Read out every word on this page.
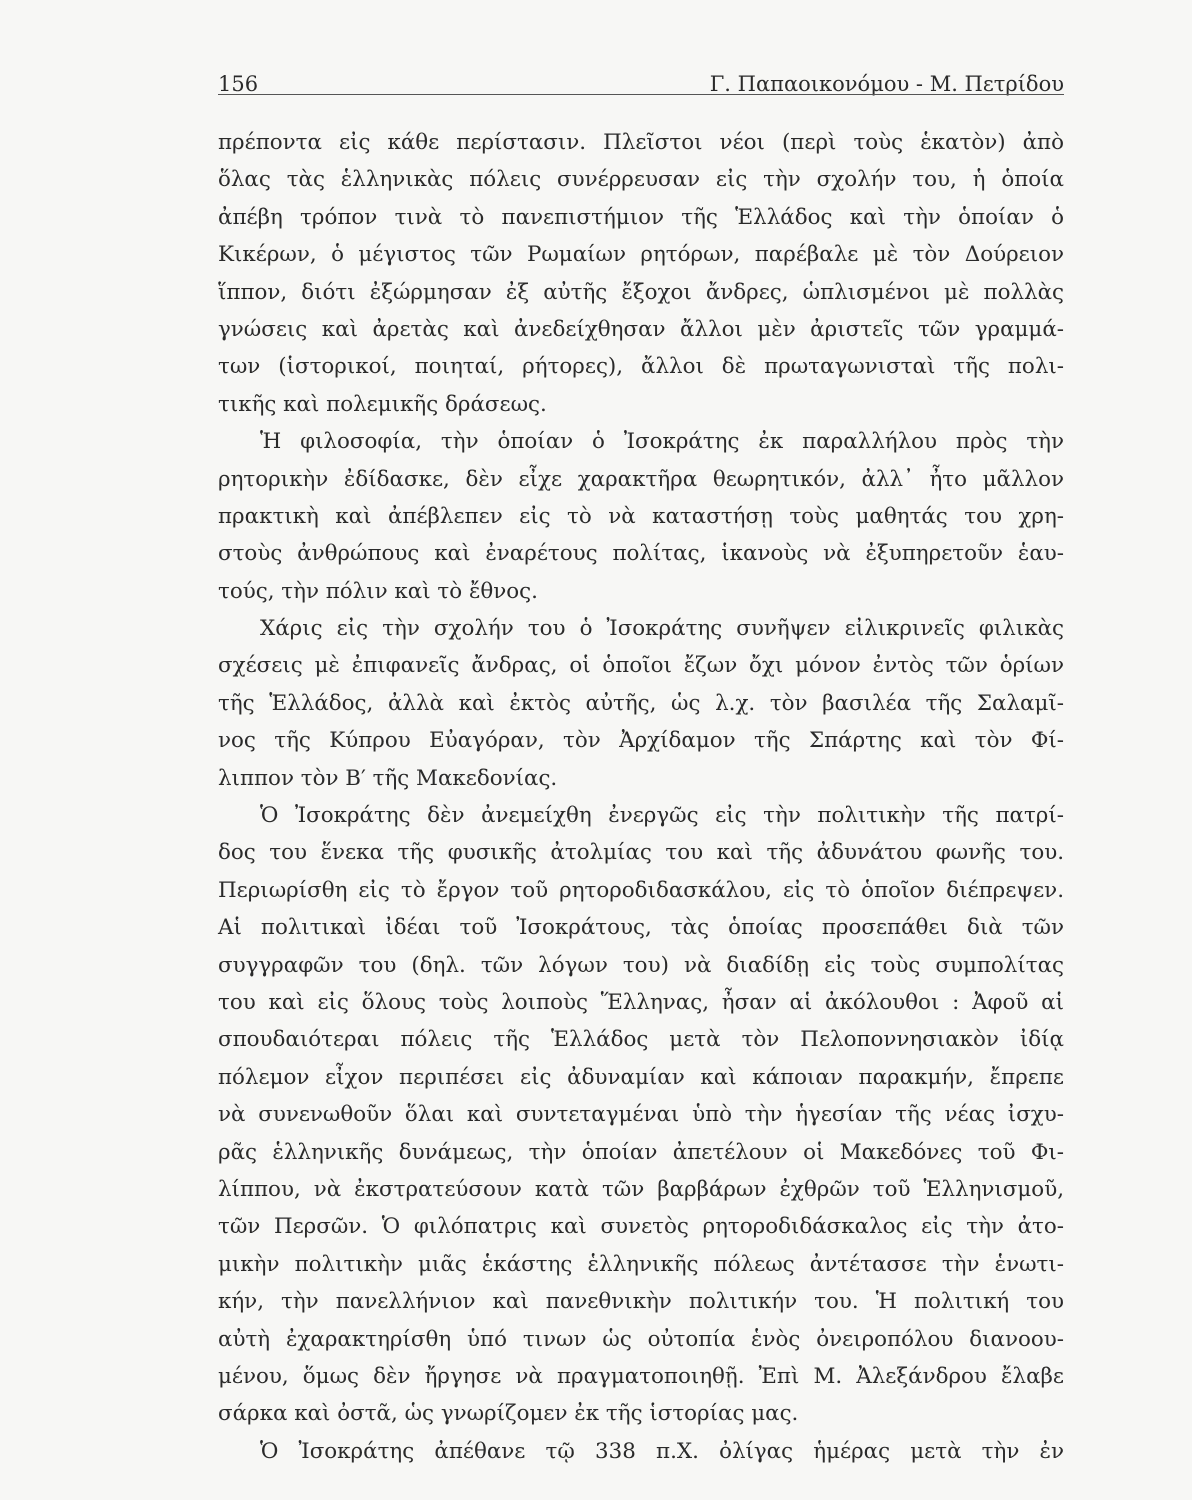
156	Γ. Παπαοικονόμου - Μ. Πετρίδου
πρέποντα εἰς κάθε περίστασιν. Πλεῖστοι νέοι (περὶ τοὺς ἑκατὸν) ἀπὸ
ὅλας τὰς ἑλληνικὰς πόλεις συνέρρευσαν εἰς τὴν σχολήν του, ἡ ὁποία
ἀπέβη τρόπον τινὰ τὸ πανεπιστήμιον τῆς Ἑλλάδος καὶ τὴν ὁποίαν ὁ
Κικέρων, ὁ μέγιστος τῶν Ρωμαίων ρητόρων, παρέβαλε μὲ τὸν Δούρειον
ἵππον, διότι ἐξώρμησαν ἐξ αὐτῆς ἔξοχοι ἄνδρες, ὡπλισμένοι μὲ πολλὰς
γνώσεις καὶ ἀρετὰς καὶ ἀνεδείχθησαν ἄλλοι μὲν ἀριστεῖς τῶν γραμμά-
των (ἱστορικοί, ποιηταί, ρήτορες), ἄλλοι δὲ πρωταγωνισταὶ τῆς πολι-
τικῆς καὶ πολεμικῆς δράσεως.
Ἡ φιλοσοφία, τὴν ὁποίαν ὁ Ἰσοκράτης ἐκ παραλλήλου πρὸς τὴν
ρητορικὴν ἐδίδασκε, δὲν εἶχε χαρακτῆρα θεωρητικόν, ἀλλ᾽ ἦτο μᾶλλον
πρακτικὴ καὶ ἀπέβλεπεν εἰς τὸ νὰ καταστήσῃ τοὺς μαθητάς του χρη-
στοὺς ἀνθρώπους καὶ ἐναρέτους πολίτας, ἱκανοὺς νὰ ἐξυπηρετοῦν ἑαυ-
τούς, τὴν πόλιν καὶ τὸ ἔθνος.
Χάρις εἰς τὴν σχολήν του ὁ Ἰσοκράτης συνῆψεν εἰλικρινεῖς φιλικὰς
σχέσεις μὲ ἐπιφανεῖς ἄνδρας, οἱ ὁποῖοι ἔζων ὄχι μόνον ἐντὸς τῶν ὁρίων
τῆς Ἑλλάδος, ἀλλὰ καὶ ἐκτὸς αὐτῆς, ὡς λ.χ. τὸν βασιλέα τῆς Σαλαμῖ-
νος τῆς Κύπρου Εὐαγόραν, τὸν Ἀρχίδαμον τῆς Σπάρτης καὶ τὸν Φί-
λιππον τὸν Β′ τῆς Μακεδονίας.
Ὁ Ἰσοκράτης δὲν ἀνεμείχθη ἐνεργῶς εἰς τὴν πολιτικὴν τῆς πατρί-
δος του ἕνεκα τῆς φυσικῆς ἀτολμίας του καὶ τῆς ἀδυνάτου φωνῆς του.
Περιωρίσθη εἰς τὸ ἔργον τοῦ ρητοροδιδασκάλου, εἰς τὸ ὁποῖον διέπρεψεν.
Αἱ πολιτικαὶ ἰδέαι τοῦ Ἰσοκράτους, τὰς ὁποίας προσεπάθει διὰ τῶν
συγγραφῶν του (δηλ. τῶν λόγων του) νὰ διαδίδῃ εἰς τοὺς συμπολίτας
του καὶ εἰς ὅλους τοὺς λοιποὺς Ἕλληνας, ἦσαν αἱ ἀκόλουθοι : Ἀφοῦ αἱ
σπουδαιότεραι πόλεις τῆς Ἑλλάδος μετὰ τὸν Πελοποννησιακὸν ἰδίᾳ
πόλεμον εἶχον περιπέσει εἰς ἀδυναμίαν καὶ κάποιαν παρακμήν, ἔπρεπε
νὰ συνενωθοῦν ὅλαι καὶ συντεταγμέναι ὑπὸ τὴν ἡγεσίαν τῆς νέας ἰσχυ-
ρᾶς ἑλληνικῆς δυνάμεως, τὴν ὁποίαν ἀπετέλουν οἱ Μακεδόνες τοῦ Φι-
λίππου, νὰ ἐκστρατεύσουν κατὰ τῶν βαρβάρων ἐχθρῶν τοῦ Ἑλληνισμοῦ,
τῶν Περσῶν. Ὁ φιλόπατρις καὶ συνετὸς ρητοροδιδάσκαλος εἰς τὴν ἀτο-
μικὴν πολιτικὴν μιᾶς ἑκάστης ἑλληνικῆς πόλεως ἀντέτασσε τὴν ἑνωτι-
κήν, τὴν πανελλήνιον καὶ πανεθνικὴν πολιτικήν του. Ἡ πολιτική του
αὐτὴ ἐχαρακτηρίσθη ὑπό τινων ὡς οὐτοπία ἑνὸς ὀνειροπόλου διανοου-
μένου, ὅμως δὲν ἤργησε νὰ πραγματοποιηθῇ. Ἐπὶ Μ. Ἀλεξάνδρου ἔλαβε
σάρκα καὶ ὀστᾶ, ὡς γνωρίζομεν ἐκ τῆς ἱστορίας μας.
Ὁ Ἰσοκράτης ἀπέθανε τῷ 338 π.Χ. ὀλίγας ἡμέρας μετὰ τὴν ἐν
